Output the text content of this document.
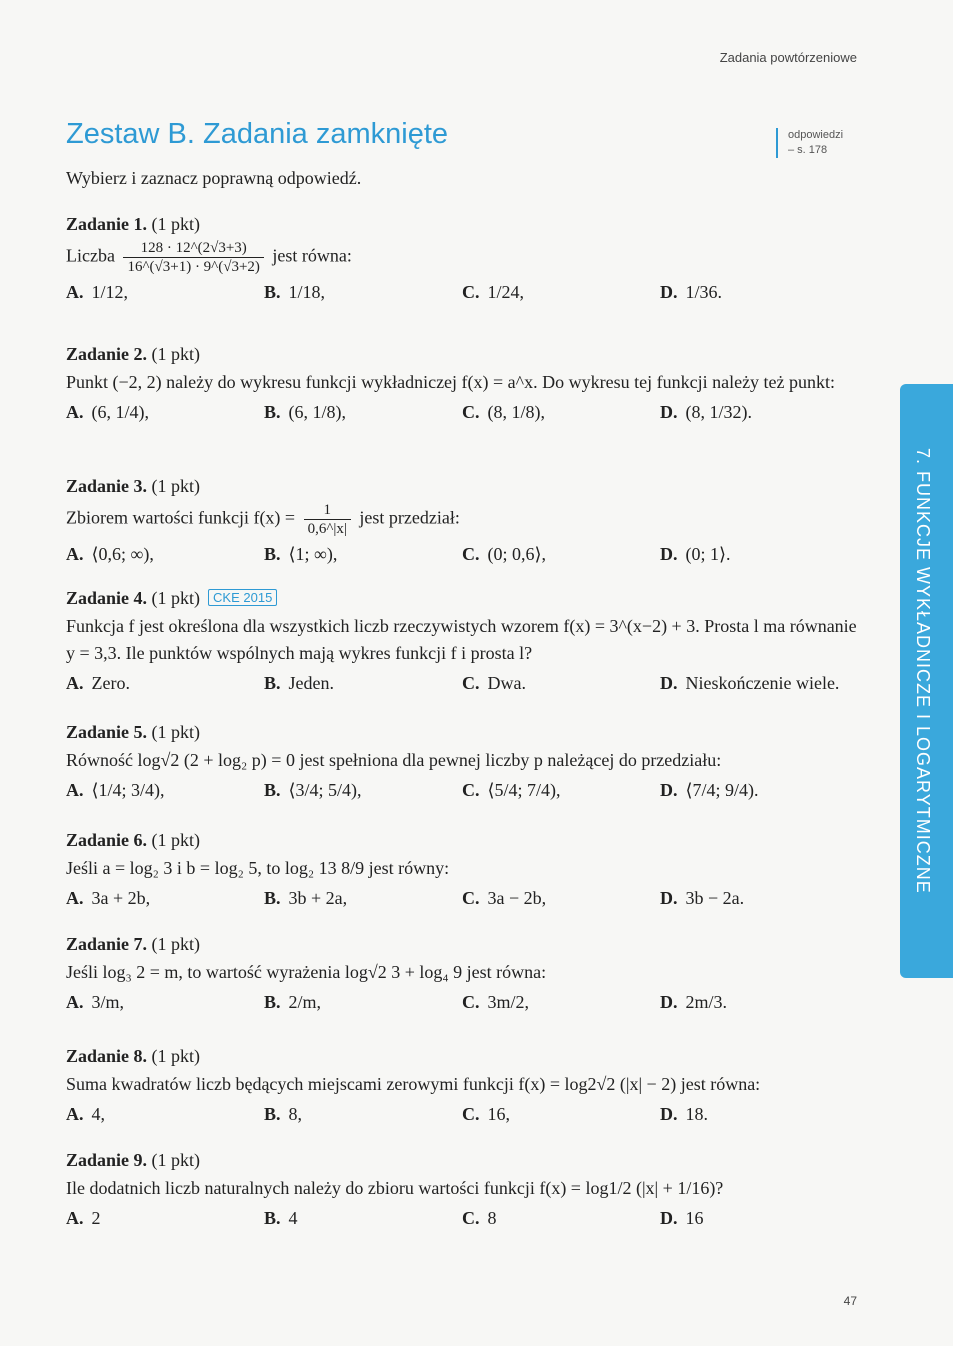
Zadania powtórzeniowe
Zestaw B. Zadania zamknięte	odpowiedzi
– s. 178
Wybierz i zaznacz poprawną odpowiedź.
Zadanie 1. (1 pkt)
Liczba $\frac{128 \cdot 12\^{}(2√3+3)}{16\^{}(√3+1) \cdot 9\^{}(√3+2)}$ jest równa:
A. 1/12,	B. 1/18,	C. 1/24,	D. 1/36.
Zadanie 2. (1 pkt)
Punkt (−2, 2) należy do wykresu funkcji wykładniczej f(x) = a^x. Do wykresu tej funkcji należy też punkt:
A. (6, 1/4),	B. (6, 1/8),	C. (8, 1/8),	D. (8, 1/32).
Zadanie 3. (1 pkt)
Zbiorem wartości funkcji $f(x) = \frac{1}{0,6\^{}|x|}$ jest przedział:
A. ⟨0,6; ∞),	B. ⟨1; ∞),	C. (0; 0,6⟩,	D. (0; 1⟩.
Zadanie 4. (1 pkt) CKE 2015
Funkcja f jest określona dla wszystkich liczb rzeczywistych wzorem f(x) = 3^(x−2) + 3. Prosta l ma równanie y = 3,3. Ile punktów wspólnych mają wykres funkcji f i prosta l?
A. Zero.	B. Jeden.	C. Dwa.	D. Nieskończenie wiele.
Zadanie 5. (1 pkt)
Równość log√2 (2 + log₂ p) = 0 jest spełniona dla pewnej liczby p należącej do przedziału:
A. ⟨1/4; 3/4),	B. ⟨3/4; 5/4),	C. ⟨5/4; 7/4),	D. ⟨7/4; 9/4).
Zadanie 6. (1 pkt)
Jeśli a = log₂ 3 i b = log₂ 5, to log₂ 13 8/9 jest równy:
A. 3a + 2b,	B. 3b + 2a,	C. 3a − 2b,	D. 3b − 2a.
Zadanie 7. (1 pkt)
Jeśli log₃ 2 = m, to wartość wyrażenia log√2 3 + log₄ 9 jest równa:
A. 3/m,	B. 2/m,	C. 3m/2,	D. 2m/3.
Zadanie 8. (1 pkt)
Suma kwadratów liczb będących miejscami zerowymi funkcji f(x) = log2√2 (|x| − 2) jest równa:
A. 4,	B. 8,	C. 16,	D. 18.
Zadanie 9. (1 pkt)
Ile dodatnich liczb naturalnych należy do zbioru wartości funkcji f(x) = log1/2 (|x| + 1/16)?
A. 2	B. 4	C. 8	D. 16
7. FUNKCJE WYKŁADNICZE I LOGARYTMICZNE
47
